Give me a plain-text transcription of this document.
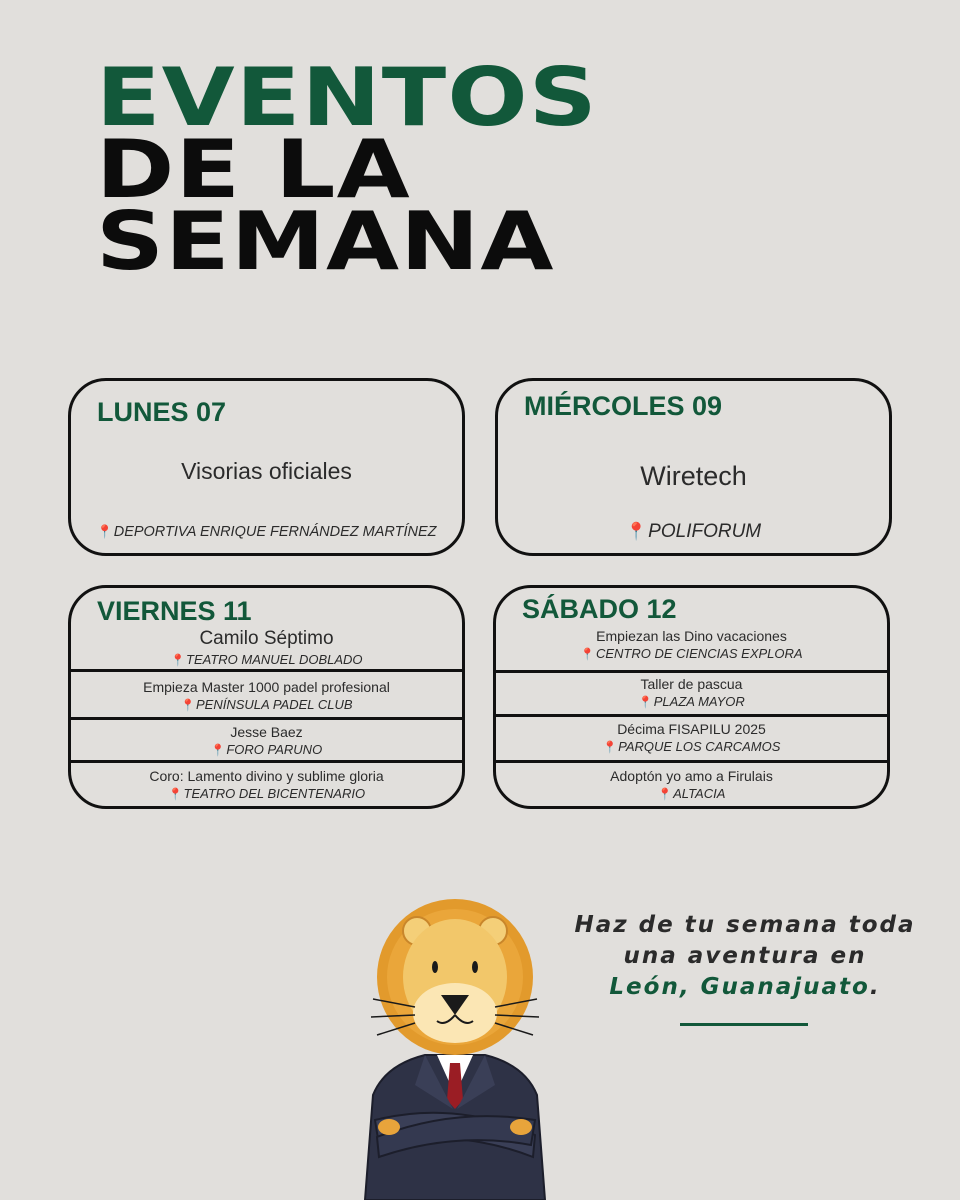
EVENTOS
DE LA
SEMANA
LUNES 07
Visorias oficiales
📍DEPORTIVA ENRIQUE FERNÁNDEZ MARTÍNEZ
MIÉRCOLES 09
Wiretech
📍POLIFORUM
VIERNES 11
Camilo Séptimo
📍TEATRO MANUEL DOBLADO
Empieza Master 1000 padel profesional
📍PENÍNSULA PADEL CLUB
Jesse Baez
📍FORO PARUNO
Coro: Lamento divino y sublime gloria
📍TEATRO DEL BICENTENARIO
SÁBADO 12
Empiezan las Dino vacaciones
📍CENTRO DE CIENCIAS EXPLORA
Taller de pascua
📍PLAZA MAYOR
Décima FISAPILU 2025
📍PARQUE LOS CARCAMOS
Adoptón yo amo a Firulais
📍ALTACIA
Haz de tu semana toda
una aventura en
León, Guanajuato.
